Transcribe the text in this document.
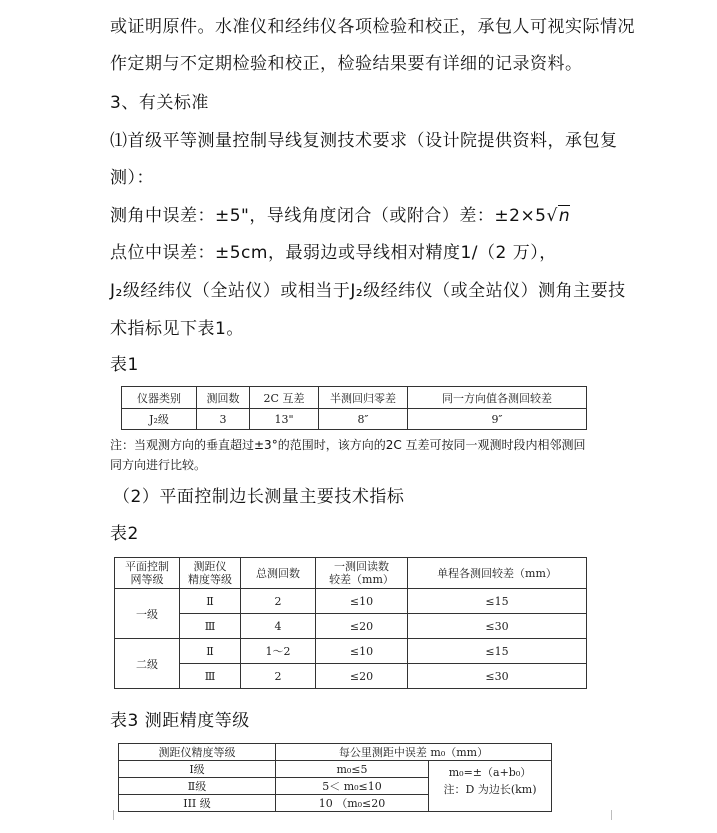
或证明原件。水准仪和经纬仪各项检验和校正，承包人可视实际情况
作定期与不定期检验和校正，检验结果要有详细的记录资料。
3、有关标准
⑴首级平等测量控制导线复测技术要求（设计院提供资料，承包复
测）：
测角中误差：±5"，导线角度闭合（或附合）差：±2×5√n
点位中误差：±5cm，最弱边或导线相对精度1/（2 万），
J₂级经纬仪（全站仪）或相当于J₂级经纬仪（或全站仪）测角主要技
术指标见下表1。
表1
仪器类别	测回数	2C 互差	半测回归零差	同一方向值各测回较差
J₂级	3	13"	8″	9″
注：当观测方向的垂直超过±3°的范围时，该方向的2C 互差可按同一观测时段内相邻测回
同方向进行比较。
（2）平面控制边长测量主要技术指标
表2
平面控制
网等级	测距仪
精度等级	总测回数	一测回读数
较差（mm）	单程各测回较差（mm）
一级	Ⅱ	2	≤10	≤15
	Ⅲ	4	≤20	≤30
二级	Ⅱ	1～2	≤10	≤15
	Ⅲ	2	≤20	≤30
表3 测距精度等级
测距仪精度等级	每公里测距中误差 m₀（mm）	
Ⅰ级	m₀≤5	m₀=±（a+b₀）
注：D 为边长(km)

Ⅱ级	5＜ m₀≤10	
III 级	10 （m₀≤20	
